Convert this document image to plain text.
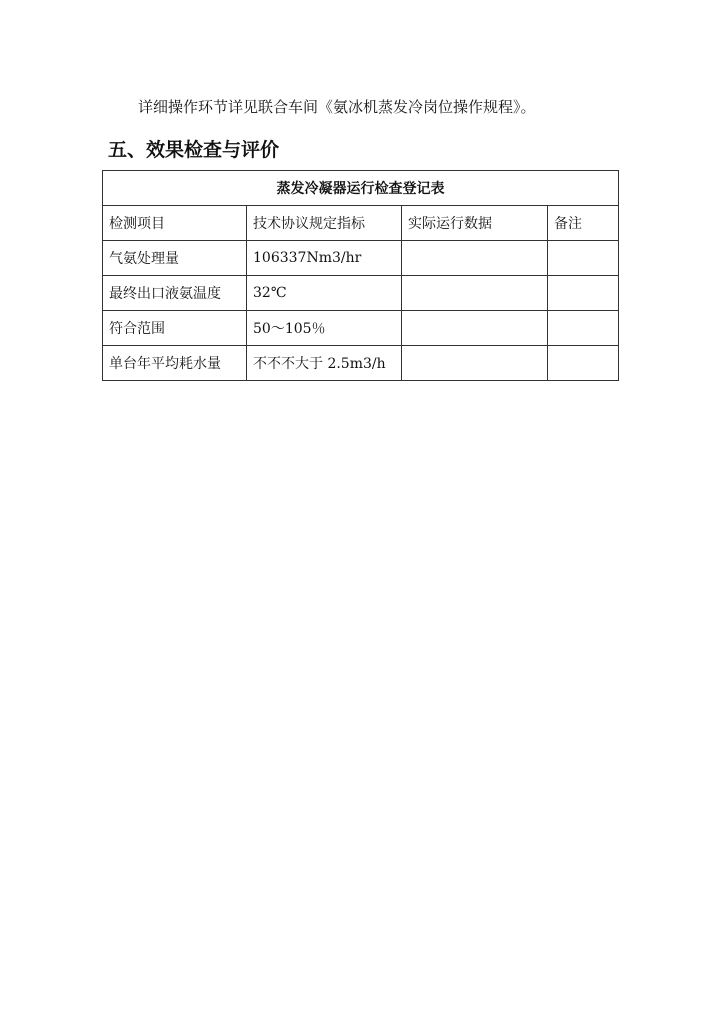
详细操作环节详见联合车间《氨冰机蒸发冷岗位操作规程》。
五、效果检查与评价
蒸发冷凝器运行检查登记表			
检测项目	技术协议规定指标	实际运行数据	备注
气氨处理量	106337Nm3/hr		
最终出口液氨温度	32℃		
符合范围	50～105％		
单台年平均耗水量	不不不大于 2.5m3/h		
